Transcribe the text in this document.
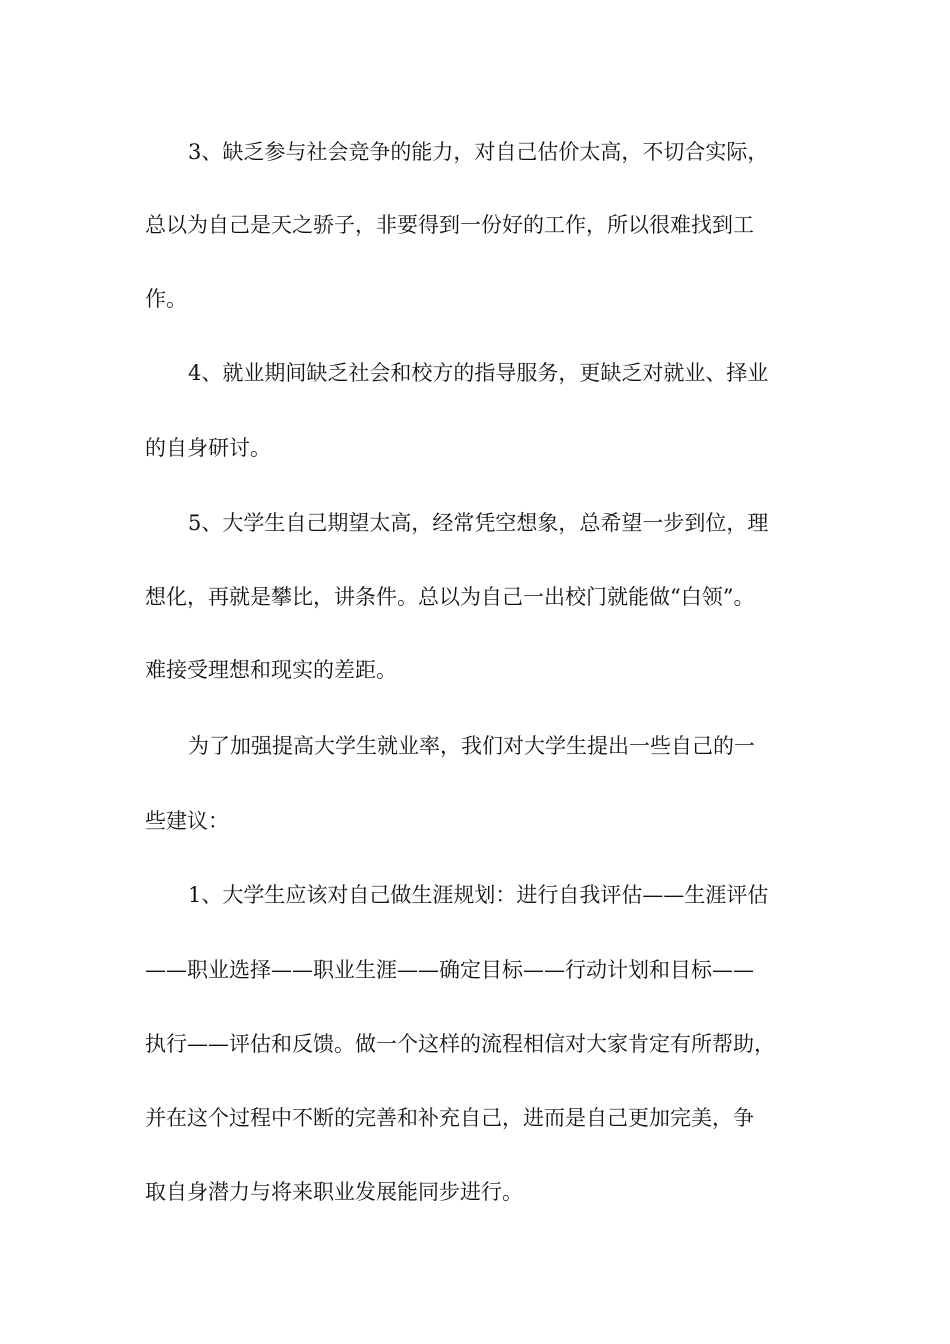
3、缺乏参与社会竞争的能力，对自己估价太高，不切合实际，
总以为自己是天之骄子，非要得到一份好的工作，所以很难找到工
作。
4、就业期间缺乏社会和校方的指导服务，更缺乏对就业、择业
的自身研讨。
5、大学生自己期望太高，经常凭空想象，总希望一步到位，理
想化，再就是攀比，讲条件。总以为自己一出校门就能做“白领”。
难接受理想和现实的差距。
为了加强提高大学生就业率，我们对大学生提出一些自己的一
些建议：
1、大学生应该对自己做生涯规划：进行自我评估——生涯评估
——职业选择——职业生涯——确定目标——行动计划和目标——
执行——评估和反馈。做一个这样的流程相信对大家肯定有所帮助，
并在这个过程中不断的完善和补充自己，进而是自己更加完美，争
取自身潜力与将来职业发展能同步进行。
